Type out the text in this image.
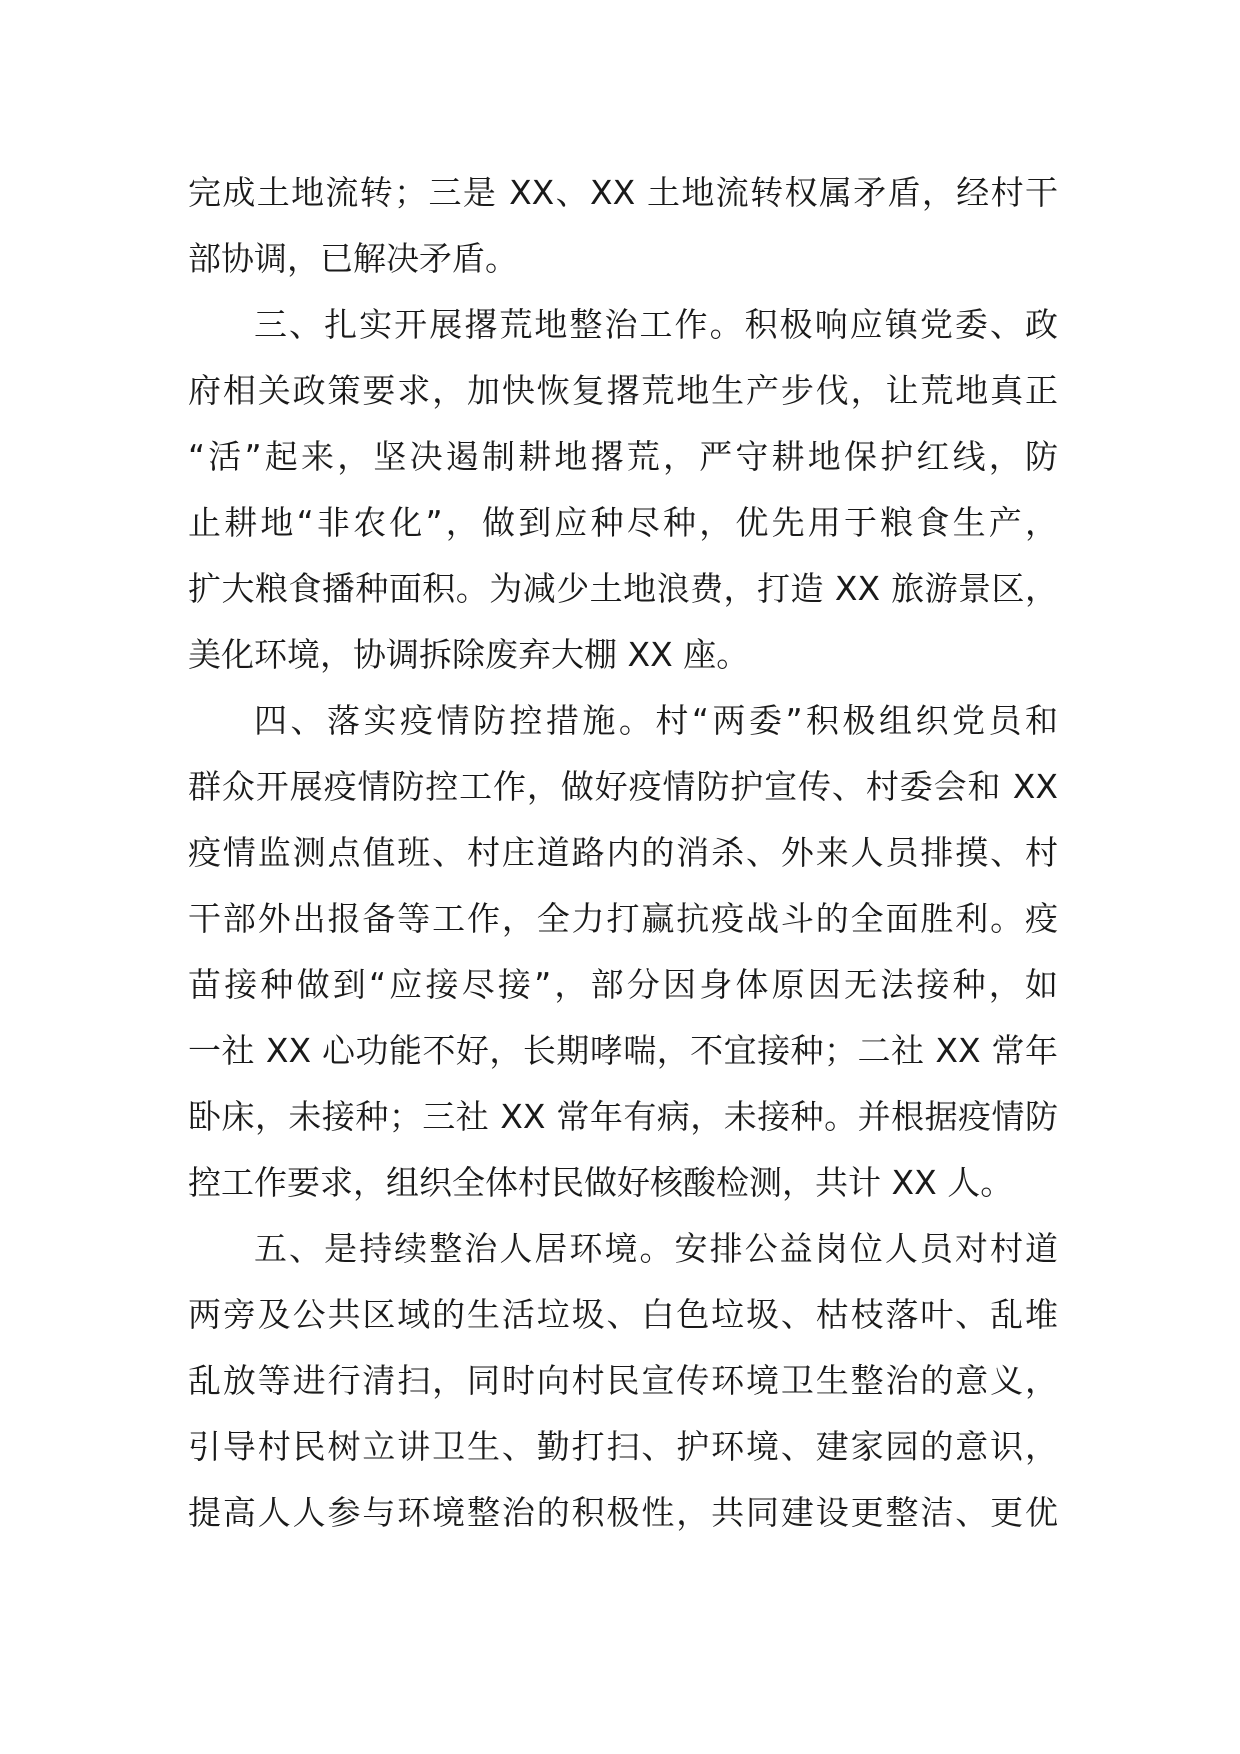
完成土地流转；三是 XX、XX 土地流转权属矛盾，经村干
部协调，已解决矛盾。
三、扎实开展撂荒地整治工作。积极响应镇党委、政
府相关政策要求，加快恢复撂荒地生产步伐，让荒地真正
“活”起来，坚决遏制耕地撂荒，严守耕地保护红线，防
止耕地“非农化”，做到应种尽种，优先用于粮食生产，
扩大粮食播种面积。为减少土地浪费，打造 XX 旅游景区，
美化环境，协调拆除废弃大棚 XX 座。
四、落实疫情防控措施。村“两委”积极组织党员和
群众开展疫情防控工作，做好疫情防护宣传、村委会和 XX
疫情监测点值班、村庄道路内的消杀、外来人员排摸、村
干部外出报备等工作，全力打赢抗疫战斗的全面胜利。疫
苗接种做到“应接尽接”，部分因身体原因无法接种，如
一社 XX 心功能不好，长期哮喘，不宜接种；二社 XX 常年
卧床，未接种；三社 XX 常年有病，未接种。并根据疫情防
控工作要求，组织全体村民做好核酸检测，共计 XX 人。
五、是持续整治人居环境。安排公益岗位人员对村道
两旁及公共区域的生活垃圾、白色垃圾、枯枝落叶、乱堆
乱放等进行清扫，同时向村民宣传环境卫生整治的意义，
引导村民树立讲卫生、勤打扫、护环境、建家园的意识，
提高人人参与环境整治的积极性，共同建设更整洁、更优
